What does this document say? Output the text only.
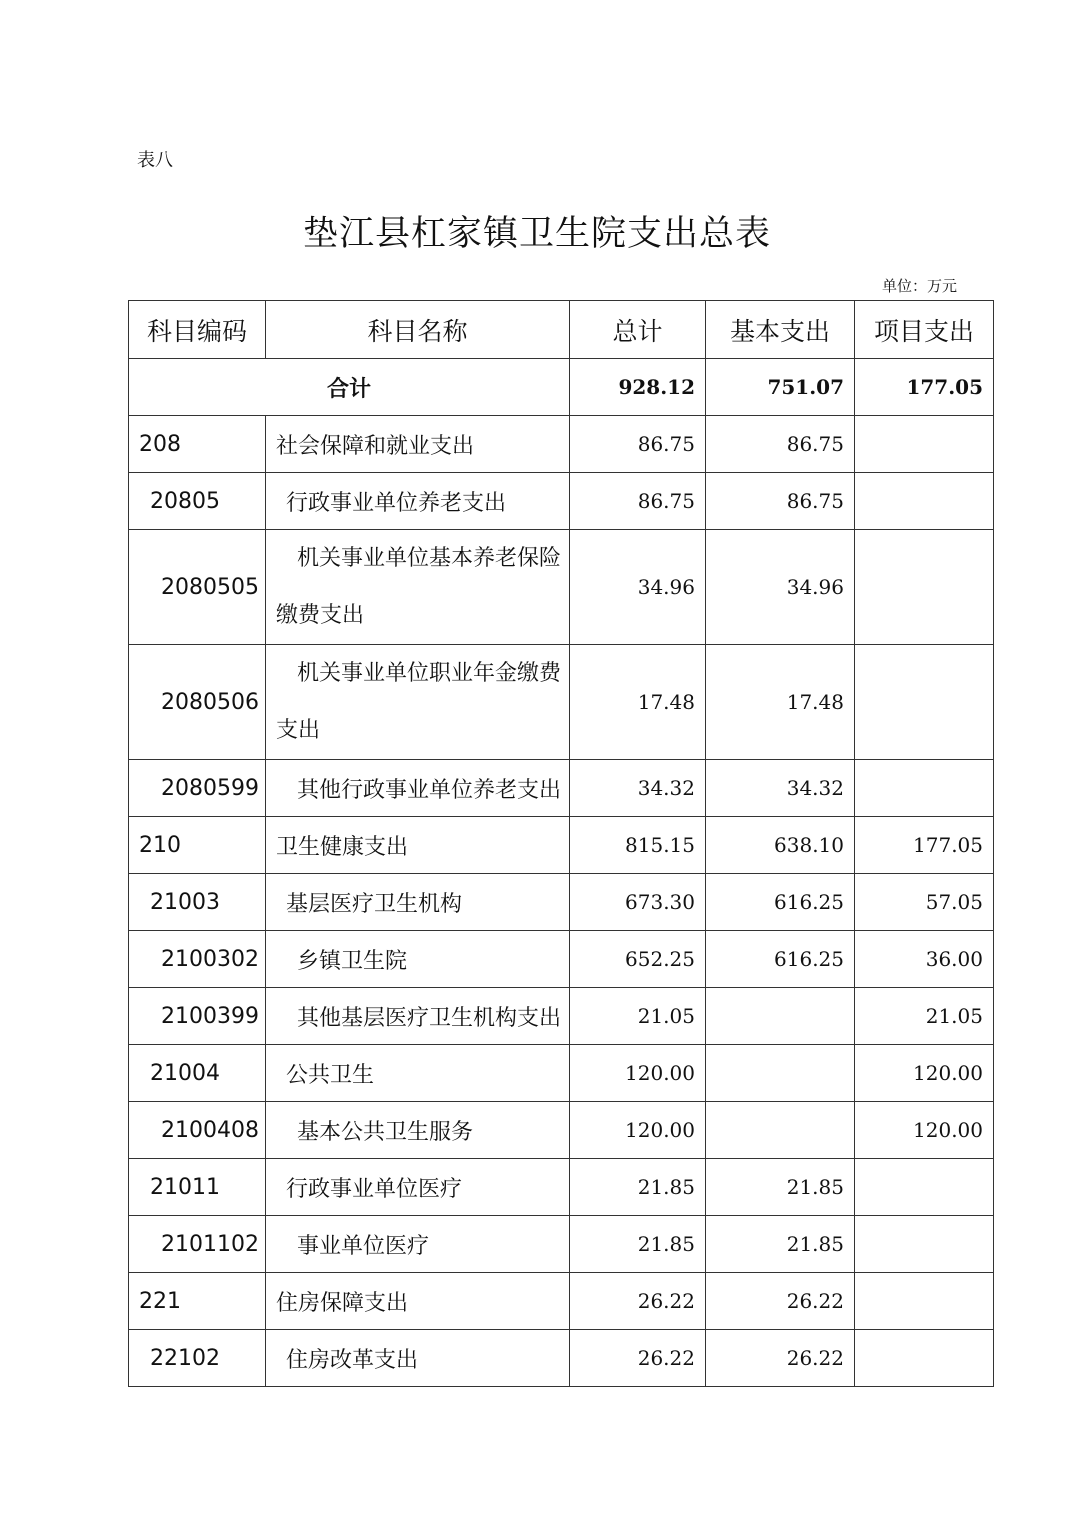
表八
垫江县杠家镇卫生院支出总表
单位：万元
科目编码	科目名称	总计	基本支出	项目支出
合计		928.12	751.07	177.05
208	社会保障和就业支出	86.75	86.75	
20805	行政事业单位养老支出	86.75	86.75	
2080505	机关事业单位基本养老保险缴费支出	34.96	34.96	
2080506	机关事业单位职业年金缴费支出	17.48	17.48	
2080599	其他行政事业单位养老支出	34.32	34.32	
210	卫生健康支出	815.15	638.10	177.05
21003	基层医疗卫生机构	673.30	616.25	57.05
2100302	乡镇卫生院	652.25	616.25	36.00
2100399	其他基层医疗卫生机构支出	21.05		21.05
21004	公共卫生	120.00		120.00
2100408	基本公共卫生服务	120.00		120.00
21011	行政事业单位医疗	21.85	21.85	
2101102	事业单位医疗	21.85	21.85	
221	住房保障支出	26.22	26.22	
22102	住房改革支出	26.22	26.22	
